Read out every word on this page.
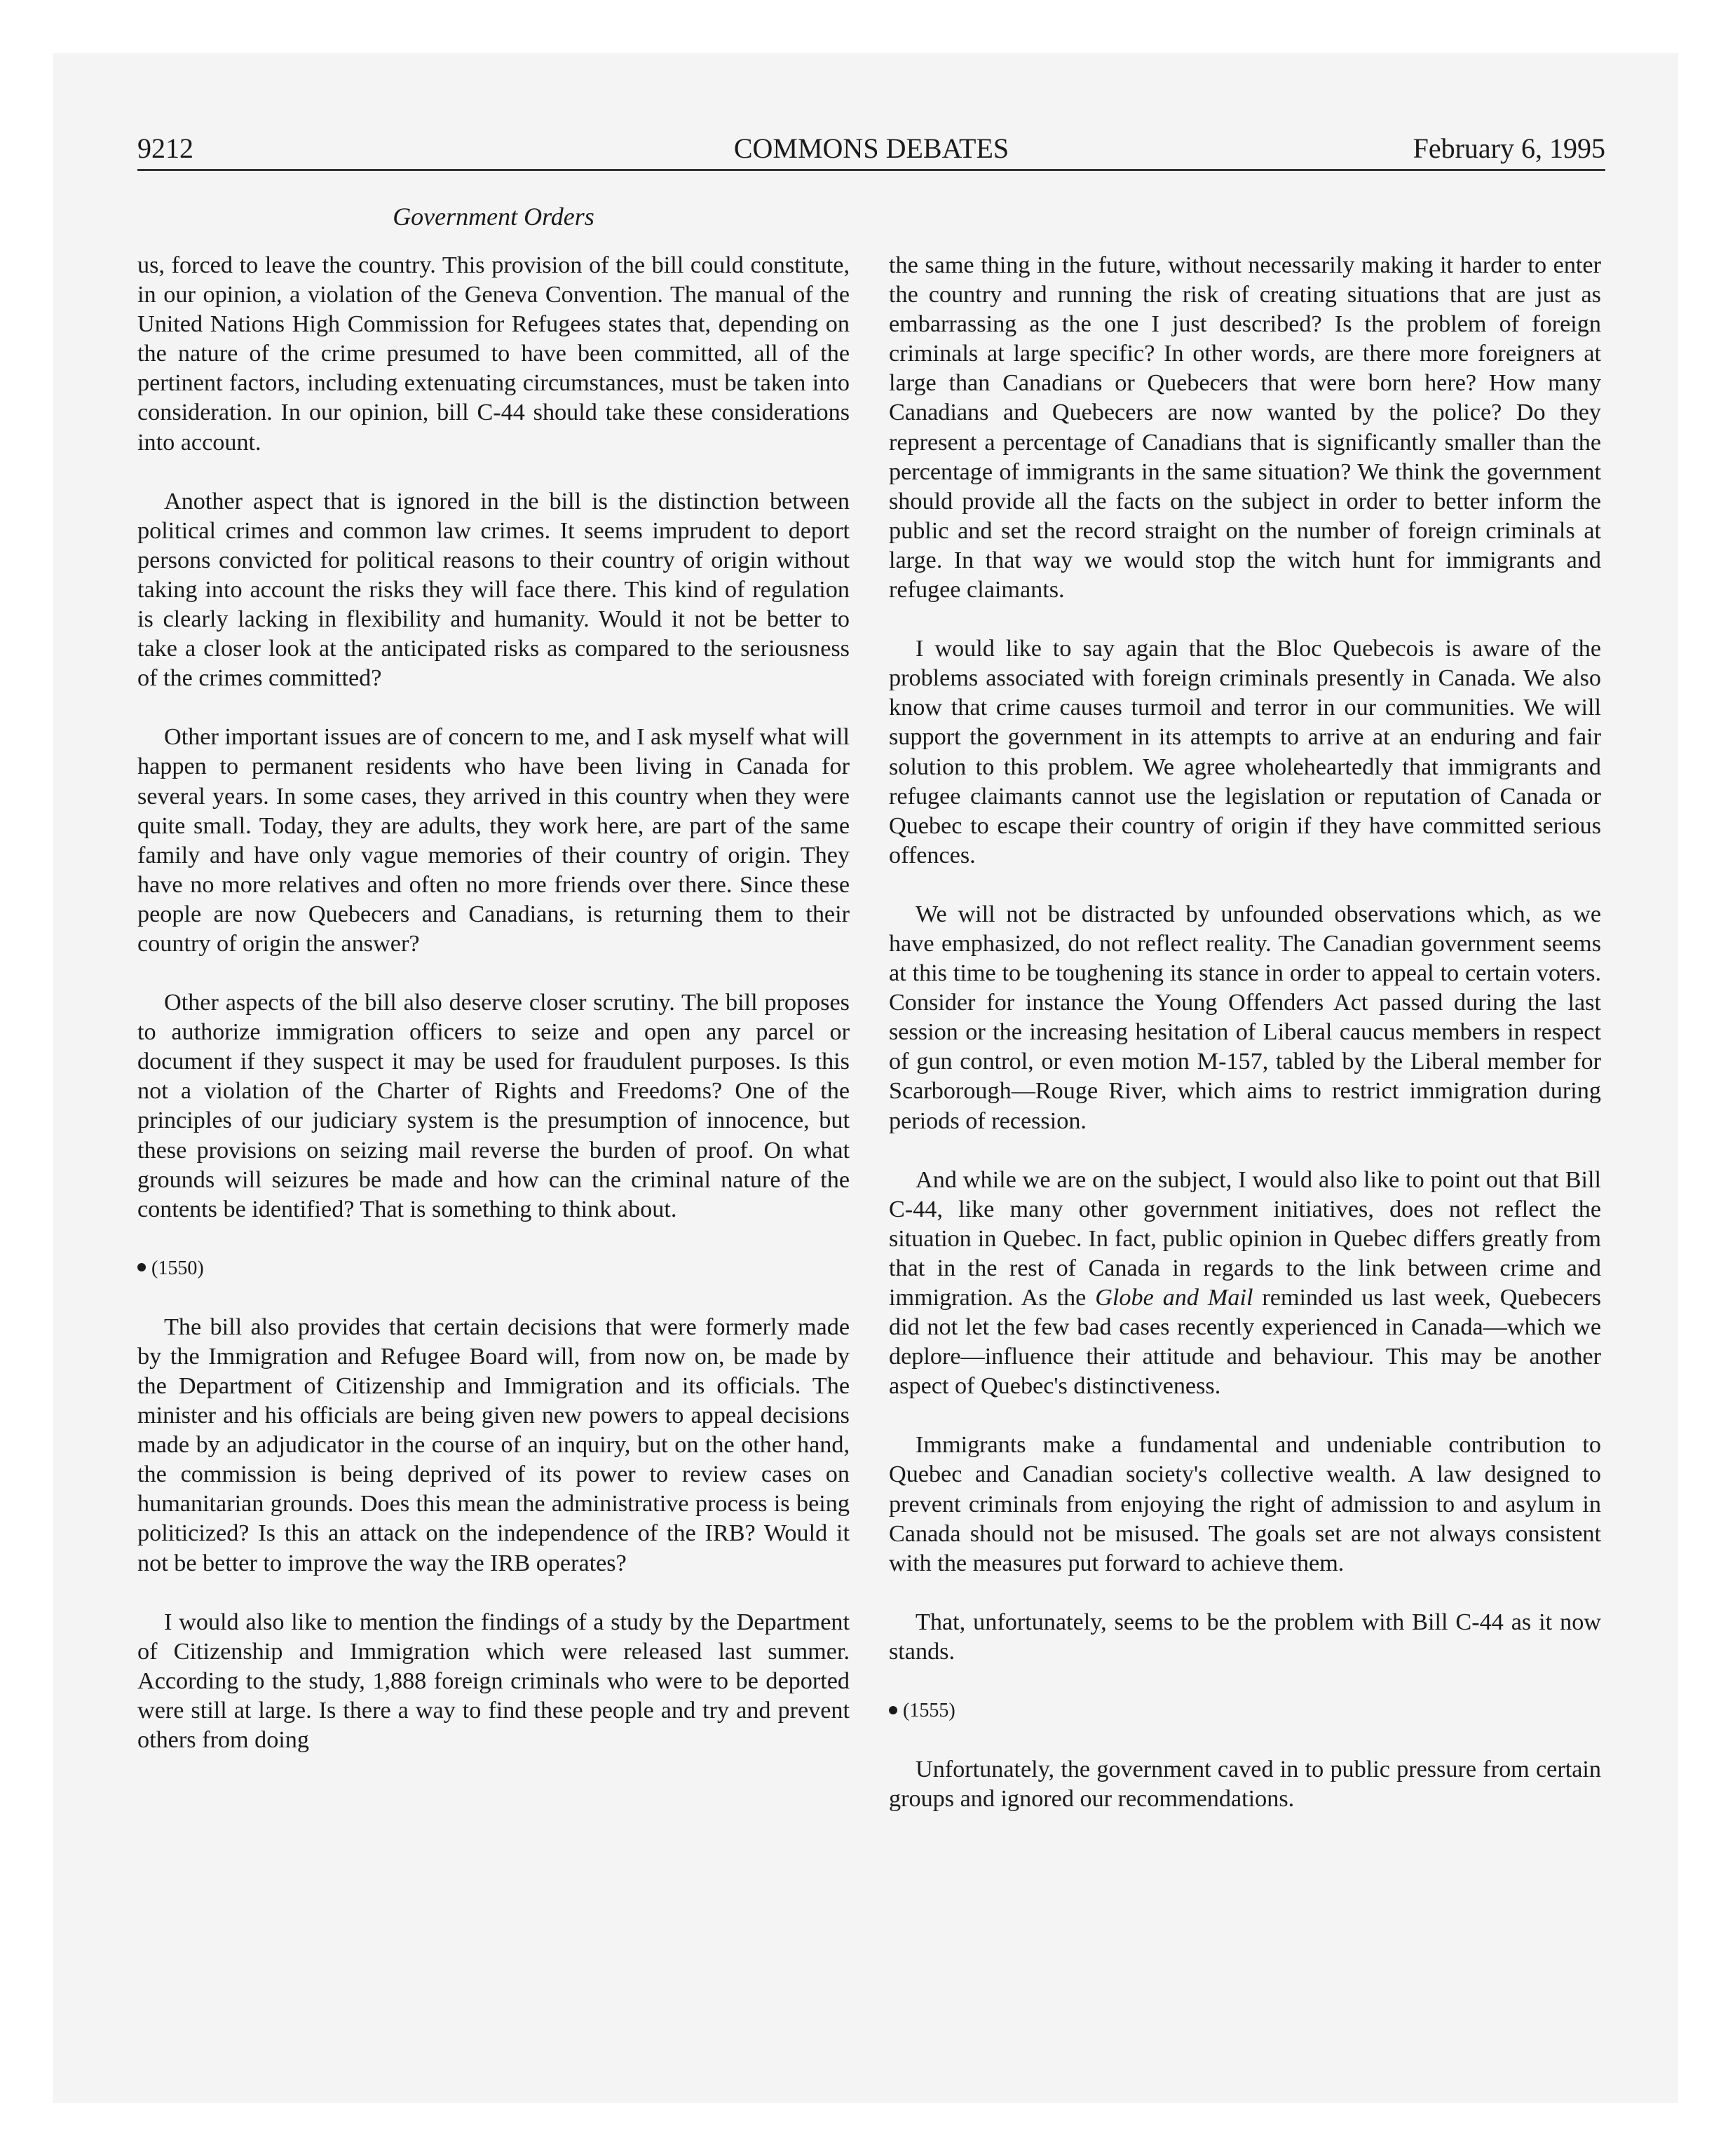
9212	COMMONS DEBATES	February 6, 1995
Government Orders

us, forced to leave the country. This provision of the bill could constitute, in our opinion, a violation of the Geneva Convention. The manual of the United Nations High Commission for Refugees states that, depending on the nature of the crime presumed to have been committed, all of the pertinent factors, including extenuating circumstances, must be taken into consideration. In our opinion, bill C-44 should take these considerations into account.

Another aspect that is ignored in the bill is the distinction between political crimes and common law crimes. It seems imprudent to deport persons convicted for political reasons to their country of origin without taking into account the risks they will face there. This kind of regulation is clearly lacking in flexibility and humanity. Would it not be better to take a closer look at the anticipated risks as compared to the seriousness of the crimes committed?

Other important issues are of concern to me, and I ask myself what will happen to permanent residents who have been living in Canada for several years. In some cases, they arrived in this country when they were quite small. Today, they are adults, they work here, are part of the same family and have only vague memories of their country of origin. They have no more relatives and often no more friends over there. Since these people are now Quebecers and Canadians, is returning them to their country of origin the answer?

Other aspects of the bill also deserve closer scrutiny. The bill proposes to authorize immigration officers to seize and open any parcel or document if they suspect it may be used for fraudulent purposes. Is this not a violation of the Charter of Rights and Freedoms? One of the principles of our judiciary system is the presumption of innocence, but these provisions on seizing mail reverse the burden of proof. On what grounds will seizures be made and how can the criminal nature of the contents be identified? That is something to think about.

(1550)

The bill also provides that certain decisions that were formerly made by the Immigration and Refugee Board will, from now on, be made by the Department of Citizenship and Immigration and its officials. The minister and his officials are being given new powers to appeal decisions made by an adjudicator in the course of an inquiry, but on the other hand, the commission is being deprived of its power to review cases on humanitarian grounds. Does this mean the administrative process is being politicized? Is this an attack on the independence of the IRB? Would it not be better to improve the way the IRB operates?

I would also like to mention the findings of a study by the Department of Citizenship and Immigration which were released last summer. According to the study, 1,888 foreign criminals who were to be deported were still at large. Is there a way to find these people and try and prevent others from doing

the same thing in the future, without necessarily making it harder to enter the country and running the risk of creating situations that are just as embarrassing as the one I just described? Is the problem of foreign criminals at large specific? In other words, are there more foreigners at large than Canadians or Quebecers that were born here? How many Canadians and Quebecers are now wanted by the police? Do they represent a percentage of Canadians that is significantly smaller than the percentage of immigrants in the same situation? We think the government should provide all the facts on the subject in order to better inform the public and set the record straight on the number of foreign criminals at large. In that way we would stop the witch hunt for immigrants and refugee claimants.

I would like to say again that the Bloc Quebecois is aware of the problems associated with foreign criminals presently in Canada. We also know that crime causes turmoil and terror in our communities. We will support the government in its attempts to arrive at an enduring and fair solution to this problem. We agree wholeheartedly that immigrants and refugee claimants cannot use the legislation or reputation of Canada or Quebec to escape their country of origin if they have committed serious offences.

We will not be distracted by unfounded observations which, as we have emphasized, do not reflect reality. The Canadian government seems at this time to be toughening its stance in order to appeal to certain voters. Consider for instance the Young Offenders Act passed during the last session or the increasing hesitation of Liberal caucus members in respect of gun control, or even motion M-157, tabled by the Liberal member for Scarborough—Rouge River, which aims to restrict immigration during periods of recession.

And while we are on the subject, I would also like to point out that Bill C-44, like many other government initiatives, does not reflect the situation in Quebec. In fact, public opinion in Quebec differs greatly from that in the rest of Canada in regards to the link between crime and immigration. As the Globe and Mail reminded us last week, Quebecers did not let the few bad cases recently experienced in Canada—which we deplore—influence their attitude and behaviour. This may be another aspect of Quebec's distinctiveness.

Immigrants make a fundamental and undeniable contribution to Quebec and Canadian society's collective wealth. A law designed to prevent criminals from enjoying the right of admission to and asylum in Canada should not be misused. The goals set are not always consistent with the measures put forward to achieve them.

That, unfortunately, seems to be the problem with Bill C-44 as it now stands.

(1555)

Unfortunately, the government caved in to public pressure from certain groups and ignored our recommendations.
